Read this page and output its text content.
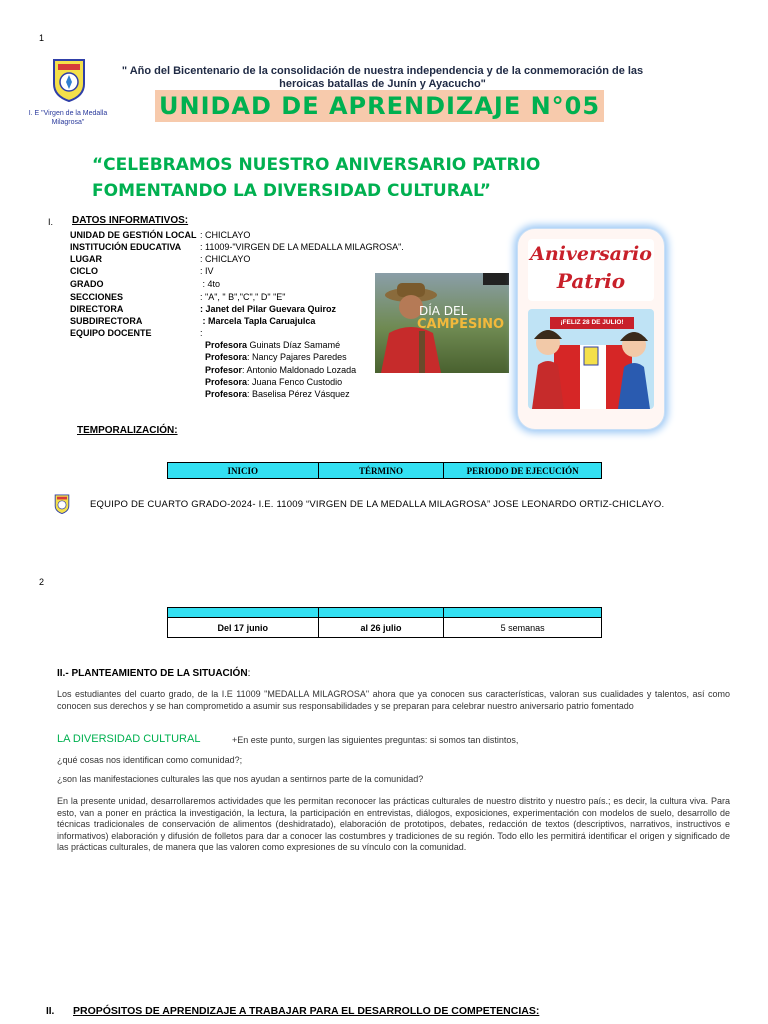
1
I. E "Virgen de la Medalla Milagrosa"
" Año del Bicentenario de la consolidación de nuestra independencia y de la conmemoración de las heroicas batallas de Junín y Ayacucho"
UNIDAD DE APRENDIZAJE N°05
“CELEBRAMOS NUESTRO ANIVERSARIO PATRIO FOMENTANDO LA DIVERSIDAD CULTURAL”
I. DATOS INFORMATIVOS:
UNIDAD DE GESTIÓN LOCAL : CHICLAYO
INSTITUCIÓN EDUCATIVA : 11009-"VIRGEN DE LA MEDALLA MILAGROSA".
LUGAR	: CHICLAYO
CICLO	: IV
GRADO	: 4to
SECCIONES	: "A", " B","C"," D" "E"
DIRECTORA	: Janet del Pilar Guevara Quiroz
SUBDIRECTORA	: Marcela Tapla Caruajulca
EQUIPO DOCENTE	:
Profesora Guinats Díaz Samamé
Profesora: Nancy Pajares Paredes
Profesor: Antonio Maldonado Lozada
Profesora: Juana Fenco Custodio
Profesora: Baselisa Pérez Vásquez
DÍA DEL
CAMPESINO
Aniversario
Patrio
¡FELIZ 28 DE JULIO!
TEMPORALIZACIÓN:
INICIO	TÉRMINO	PERIODO DE EJECUCIÓN
EQUIPO DE CUARTO GRADO-2024- I.E. 11009 “VIRGEN DE LA MEDALLA MILAGROSA” JOSE LEONARDO ORTIZ-CHICLAYO.
2

Del 17 junio	al 26 julio	5 semanas
II.- PLANTEAMIENTO DE LA SITUACIÓN:
Los estudiantes del cuarto grado, de la I.E 11009 "MEDALLA MILAGROSA" ahora que ya conocen sus características, valoran sus cualidades y talentos, así como conocen sus derechos y se han comprometido a asumir sus responsabilidades y se preparan para celebrar nuestro aniversario patrio fomentado
LA DIVERSIDAD CULTURAL	+En este punto, surgen las siguientes preguntas: si somos tan distintos,
¿qué cosas nos identifican como comunidad?;
¿son las manifestaciones culturales las que nos ayudan a sentirnos parte de la comunidad?
En la presente unidad, desarrollaremos actividades que les permitan reconocer las prácticas culturales de nuestro distrito y nuestro país.; es decir, la cultura viva. Para esto, van a poner en práctica la investigación, la lectura, la participación en entrevistas, diálogos, exposiciones, experimentación con modelos de suelo, desarrollo de técnicas tradicionales de conservación de alimentos (deshidratado), elaboración de prototipos, debates, redacción de textos (descriptivos, narrativos, instructivos e informativos) elaboración y difusión de folletos para dar a conocer las costumbres y tradiciones de su región. Todo ello les permitirá identificar el origen y significado de las prácticas culturales, de manera que las valoren como expresiones de su vínculo con la comunidad.
II. PROPÓSITOS DE APRENDIZAJE A TRABAJAR PARA EL DESARROLLO DE COMPETENCIAS:
